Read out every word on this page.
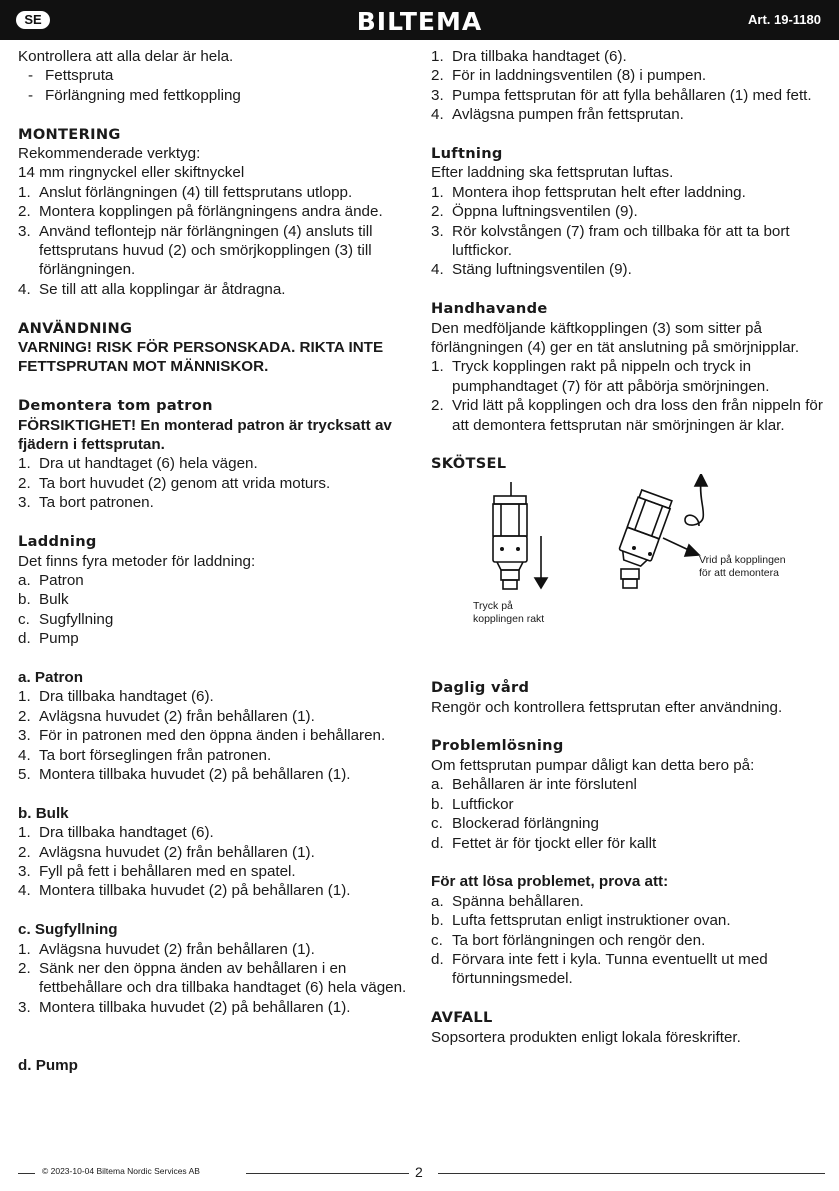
SE	BILTEMA	Art. 19-1180

Kontrollera att alla delar är hela.

- Fettspruta
- Förlängning med fettkoppling

MONTERING

Rekommenderade verktyg:

14 mm ringnyckel eller skiftnyckel

1. Anslut förlängningen (4) till fettsprutans utlopp.
2. Montera kopplingen på förlängningens andra ände.
3. Använd teflontejp när förlängningen (4) ansluts till fettsprutans huvud (2) och smörjkopplingen (3) till förlängningen.
4. Se till att alla kopplingar är åtdragna.

ANVÄNDNING

VARNING! RISK FÖR PERSONSKADA. RIKTA INTE FETTSPRUTAN MOT MÄNNISKOR.

Demontera tom patron

FÖRSIKTIGHET! En monterad patron är trycksatt av fjädern i fettsprutan.

1. Dra ut handtaget (6) hela vägen.
2. Ta bort huvudet (2) genom att vrida moturs.
3. Ta bort patronen.

Laddning

Det finns fyra metoder för laddning:

a. Patron
b. Bulk
c. Sugfyllning
d. Pump

a. Patron

1. Dra tillbaka handtaget (6).
2. Avlägsna huvudet (2) från behållaren (1).
3. För in patronen med den öppna änden i behållaren.
4. Ta bort förseglingen från patronen.
5. Montera tillbaka huvudet (2) på behållaren (1).

b. Bulk

1. Dra tillbaka handtaget (6).
2. Avlägsna huvudet (2) från behållaren (1).
3. Fyll på fett i behållaren med en spatel.
4. Montera tillbaka huvudet (2) på behållaren (1).

c. Sugfyllning

1. Avlägsna huvudet (2) från behållaren (1).
2. Sänk ner den öppna änden av behållaren i en fettbehållare och dra tillbaka handtaget (6) hela vägen.
3. Montera tillbaka huvudet (2) på behållaren (1).

d. Pump

1. Dra tillbaka handtaget (6).
2. För in laddningsventilen (8) i pumpen.
3. Pumpa fettsprutan för att fylla behållaren (1) med fett.
4. Avlägsna pumpen från fettsprutan.

Luftning

Efter laddning ska fettsprutan luftas.

1. Montera ihop fettsprutan helt efter laddning.
2. Öppna luftningsventilen (9).
3. Rör kolvstången (7) fram och tillbaka för att ta bort luftfickor.
4. Stäng luftningsventilen (9).

Handhavande

Den medföljande käftkopplingen (3) som sitter på förlängningen (4) ger en tät anslutning på smörjnipplar.

1. Tryck kopplingen rakt på nippeln och tryck in pumphandtaget (7) för att påbörja smörjningen.
2. Vrid lätt på kopplingen och dra loss den från nippeln för att demontera fettsprutan när smörjningen är klar.

SKÖTSEL

Tryck på kopplingen rakt
Vrid på kopplingen för att demontera

Daglig vård

Rengör och kontrollera fettsprutan efter användning.

Problemlösning

Om fettsprutan pumpar dåligt kan detta bero på:

a. Behållaren är inte förslutenl
b. Luftfickor
c. Blockerad förlängning
d. Fettet är för tjockt eller för kallt

För att lösa problemet, prova att:

a. Spänna behållaren.
b. Lufta fettsprutan enligt instruktioner ovan.
c. Ta bort förlängningen och rengör den.
d. Förvara inte fett i kyla. Tunna eventuellt ut med förtunningsmedel.

AVFALL

Sopsortera produkten enligt lokala föreskrifter.

© 2023-10-04 Biltema Nordic Services AB	2
